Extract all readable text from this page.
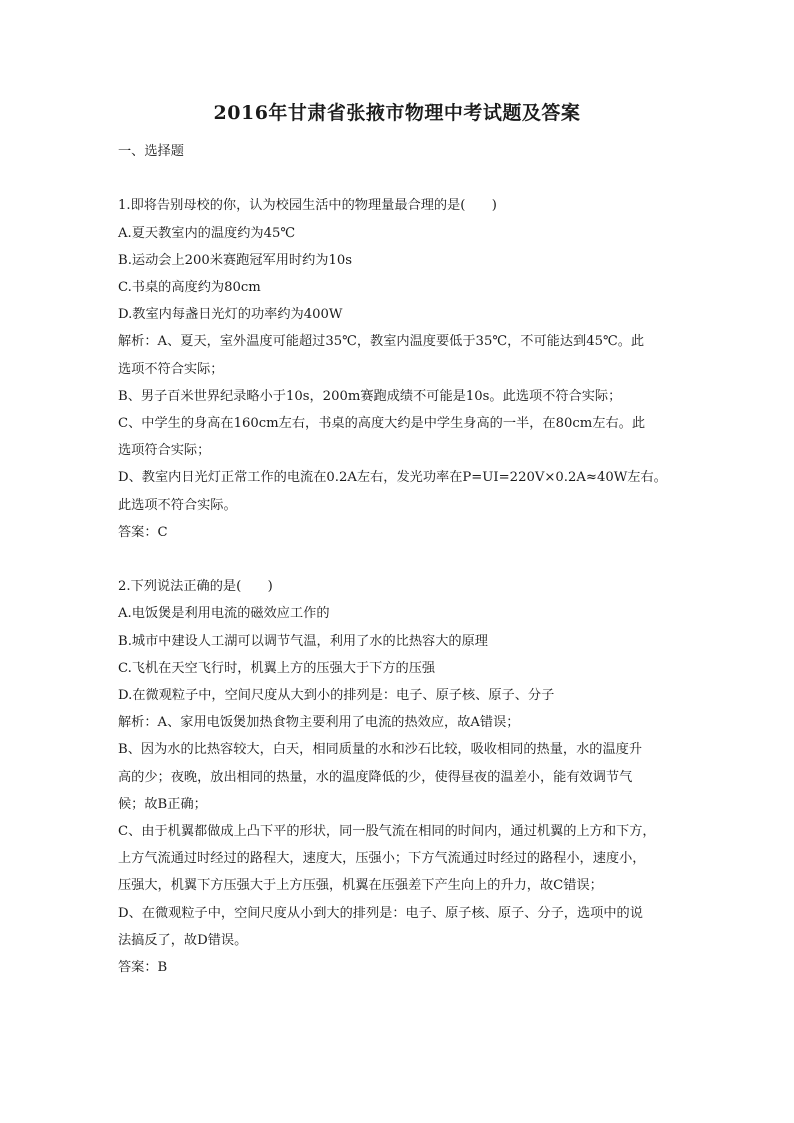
2016年甘肃省张掖市物理中考试题及答案

一、选择题

1.即将告别母校的你，认为校园生活中的物理量最合理的是(　　)

A.夏天教室内的温度约为45℃

B.运动会上200米赛跑冠军用时约为10s

C.书桌的高度约为80cm

D.教室内每盏日光灯的功率约为400W

解析：A、夏天，室外温度可能超过35℃，教室内温度要低于35℃，不可能达到45℃。此

选项不符合实际；

B、男子百米世界纪录略小于10s，200m赛跑成绩不可能是10s。此选项不符合实际；

C、中学生的身高在160cm左右，书桌的高度大约是中学生身高的一半，在80cm左右。此

选项符合实际；

D、教室内日光灯正常工作的电流在0.2A左右，发光功率在P=UI=220V×0.2A≈40W左右。

此选项不符合实际。

答案：C

2.下列说法正确的是(　　)

A.电饭煲是利用电流的磁效应工作的

B.城市中建设人工湖可以调节气温，利用了水的比热容大的原理

C.飞机在天空飞行时，机翼上方的压强大于下方的压强

D.在微观粒子中，空间尺度从大到小的排列是：电子、原子核、原子、分子

解析：A、家用电饭煲加热食物主要利用了电流的热效应，故A错误；

B、因为水的比热容较大，白天，相同质量的水和沙石比较，吸收相同的热量，水的温度升

高的少；夜晚，放出相同的热量，水的温度降低的少，使得昼夜的温差小，能有效调节气

候；故B正确；

C、由于机翼都做成上凸下平的形状，同一股气流在相同的时间内，通过机翼的上方和下方，

上方气流通过时经过的路程大，速度大，压强小；下方气流通过时经过的路程小，速度小，

压强大，机翼下方压强大于上方压强，机翼在压强差下产生向上的升力，故C错误；

D、在微观粒子中，空间尺度从小到大的排列是：电子、原子核、原子、分子，选项中的说

法搞反了，故D错误。

答案：B
